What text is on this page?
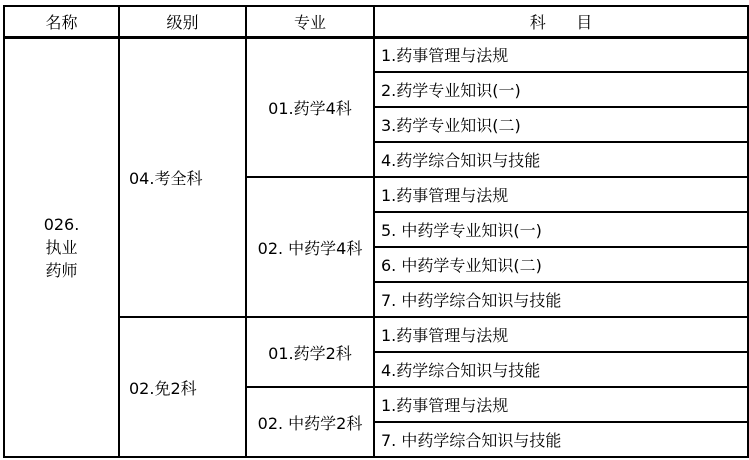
名称	级别	专业	科      目

026.
执业
药师	04.考全科	01.药学4科	1.药事管理与法规
			2.药学专业知识(一)
			3.药学专业知识(二)
			4.药学综合知识与技能
		02. 中药学4科	1.药事管理与法规
			5. 中药学专业知识(一)
			6. 中药学专业知识(二)
			7. 中药学综合知识与技能
	02.免2科	01.药学2科	1.药事管理与法规
			4.药学综合知识与技能
		02. 中药学2科	1.药事管理与法规
			7. 中药学综合知识与技能
